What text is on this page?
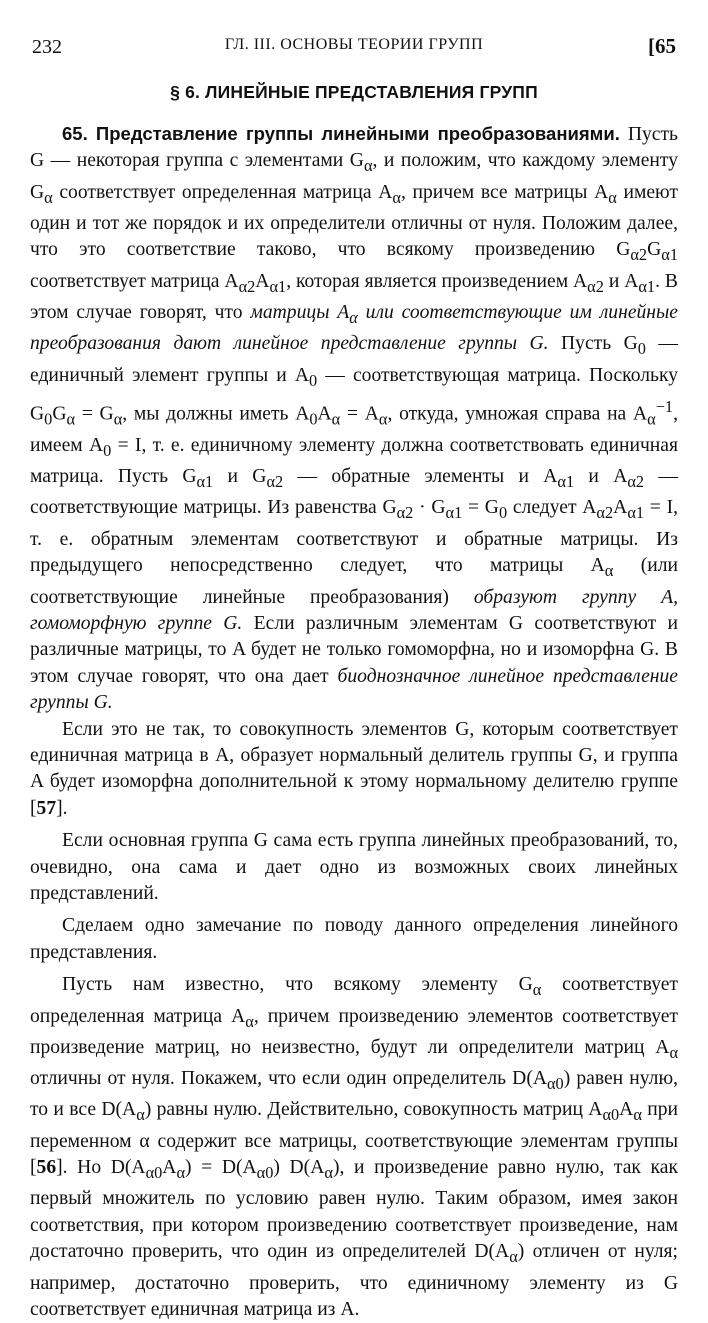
232	ГЛ. III. ОСНОВЫ ТЕОРИИ ГРУПП	[65
§ 6. ЛИНЕЙНЫЕ ПРЕДСТАВЛЕНИЯ ГРУПП

65. Представление группы линейными преобразованиями. Пусть G — некоторая группа с элементами $G_\alpha$, и положим, что каждому элементу $G_\alpha$ соответствует определенная матрица $A_\alpha$, причем все матрицы $A_\alpha$ имеют один и тот же порядок и их определители отличны от нуля. Положим далее, что это соответствие таково, что всякому произведению $G_{\alpha 2}G_{\alpha 1}$ соответствует матрица $A_{\alpha 2}A_{\alpha 1}$, которая является произведением $A_{\alpha 2}$ и $A_{\alpha 1}$. В этом случае говорят, что матрицы $A_\alpha$ или соответствующие им линейные преобразования дают линейное представление группы G. Пусть $G_0$ — единичный элемент группы и $A_0$ — соответствующая матрица. Поскольку $G_0G_\alpha = G_\alpha$, мы должны иметь $A_0A_\alpha = A_\alpha$, откуда, умножая справа на $A_\alpha^{-1}$, имеем $A_0 = I$, т. е. единичному элементу должна соответствовать единичная матрица. Пусть $G_{\alpha 1}$ и $G_{\alpha 2}$ — обратные элементы и $A_{\alpha 1}$ и $A_{\alpha 2}$ — соответствующие матрицы. Из равенства $G_{\alpha 2} \cdot G_{\alpha 1} = G_0$ следует $A_{\alpha 2}A_{\alpha 1} = I$, т. е. обратным элементам соответствуют и обратные матрицы. Из предыдущего непосредственно следует, что матрицы $A_\alpha$ (или соответствующие линейные преобразования) образуют группу A, гомоморфную группе G. Если различным элементам G соответствуют и различные матрицы, то A будет не только гомоморфна, но и изоморфна G. В этом случае говорят, что она дает биоднозначное линейное представление группы G.

Если это не так, то совокупность элементов G, которым соответствует единичная матрица в A, образует нормальный делитель группы G, и группа A будет изоморфна дополнительной к этому нормальному делителю группе [57].

Если основная группа G сама есть группа линейных преобразований, то, очевидно, она сама и дает одно из возможных своих линейных представлений.

Сделаем одно замечание по поводу данного определения линейного представления.

Пусть нам известно, что всякому элементу $G_\alpha$ соответствует определенная матрица $A_\alpha$, причем произведению элементов соответствует произведение матриц, но неизвестно, будут ли определители матриц $A_\alpha$ отличны от нуля. Покажем, что если один определитель $D(A_{\alpha 0})$ равен нулю, то и все $D(A_\alpha)$ равны нулю. Действительно, совокупность матриц $A_{\alpha 0}A_\alpha$ при переменном α содержит все матрицы, соответствующие элементам группы [56]. Но $D(A_{\alpha 0}A_\alpha) = D(A_{\alpha 0})$ $D(A_\alpha)$, и произведение равно нулю, так как первый множитель по условию равен нулю. Таким образом, имея закон соответствия, при котором произведению соответствует произведение, нам достаточно проверить, что один из определителей $D(A_\alpha)$ отличен от нуля; например, достаточно проверить, что единичному элементу из G соответствует единичная матрица из A.
